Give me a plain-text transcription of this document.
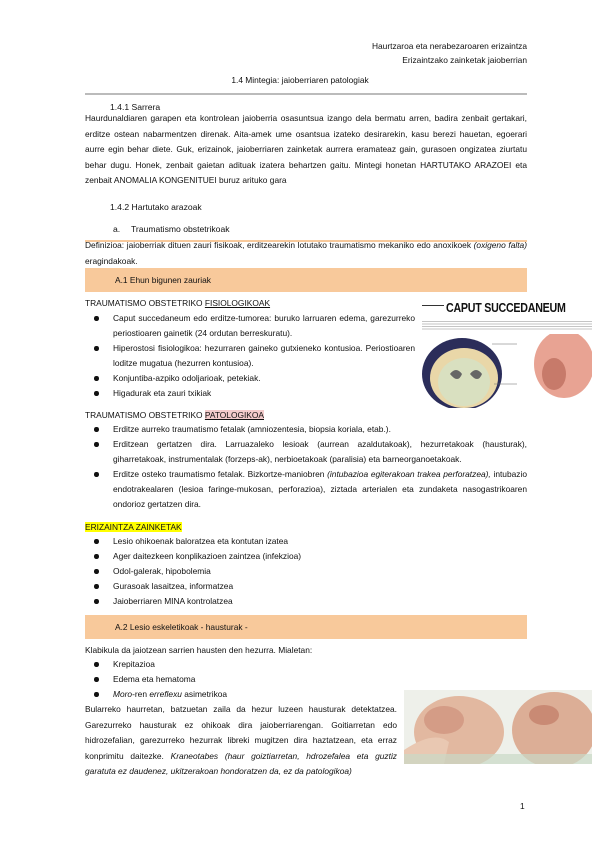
Haurtzaroa eta nerabezaroaren erizaintza
Erizaintzako zainketak jaioberrian
1.4 Mintegia: jaioberriaren patologiak
1.4.1 Sarrera
Haurdunaldiaren garapen eta kontrolean jaioberria osasuntsua izango dela bermatu arren, badira zenbait gertakari, erditze ostean nabarmentzen direnak. Aita-amek ume osantsua izateko desirarekin, kasu berezi hauetan, egoerari aurre egin behar diete. Guk, erizainok, jaioberriaren zainketak aurrera eramateaz gain, gurasoen ongizatea ziurtatu behar dugu. Honek, zenbait gaietan adituak izatera behartzen gaitu. Mintegi honetan HARTUTAKO ARAZOEI eta zenbait ANOMALIA KONGENITUEI buruz arituko gara
1.4.2 Hartutako arazoak
a. Traumatismo obstetrikoak
Definizioa: jaioberriak dituen zauri fisikoak, erditzearekin lotutako traumatismo mekaniko edo anoxikoek (oxigeno falta) eragindakoak.
A.1 Ehun bigunen zauriak
TRAUMATISMO OBSTETRIKO FISIOLOGIKOAK
Caput succedaneum edo erditze-tumorea: buruko larruaren edema, garezurreko periostioaren gainetik (24 ordutan berreskuratu).
Hiperostosi fisiologikoa: hezurraren gaineko gutxieneko kontusioa. Periostioaren loditze mugatua (hezurren kontusioa).
Konjuntiba-azpiko odoljarioak, petekiak.
Higadurak eta zauri txikiak
CAPUT SUCCEDANEUM
TRAUMATISMO OBSTETRIKO PATOLOGIKOA
Erditze aurreko traumatismo fetalak (amniozentesia, biopsia koriala, etab.).
Erditzean gertatzen dira. Larruazaleko lesioak (aurrean azaldutakoak), hezurretakoak (hausturak), giharretakoak, instrumentalak (forzeps-ak), nerbioetakoak (paralisia) eta barneorganoetakoak.
Erditze osteko traumatismo fetalak. Bizkortze-maniobren (intubazioa egiterakoan trakea perforatzea), intubazio endotrakealaren (lesioa faringe-mukosan, perforazioa), ziztada arterialen eta zundaketa nasogastrikoaren ondorioz gertatzen dira.
ERIZAINTZA ZAINKETAK
Lesio ohikoenak baloratzea eta kontutan izatea
Ager daitezkeen konplikazioen zaintzea (infekzioa)
Odol-galerak, hipobolemia
Gurasoak lasaitzea, informatzea
Jaioberriaren MINA kontrolatzea
A.2 Lesio eskeletikoak - hausturak -
Klabikula da jaiotzean sarrien hausten den hezurra. Mialetan:
Krepitazioa
Edema eta hematoma
Moro-ren erreflexu asimetrikoa
Bularreko haurretan, batzuetan zaila da hezur luzeen hausturak detektatzea. Garezurreko hausturak ez ohikoak dira jaioberriarengan. Goitiarretan edo hidrozefalian, garezurreko hezurrak libreki mugitzen dira haztatzean, eta erraz konprimitu daitezke. Kraneotabes (haur goiztiarretan, hdrozefalea eta guztiz garatuta ez daudenez, ukitzerakoan hondoratzen da, ez da patologikoa)
1
